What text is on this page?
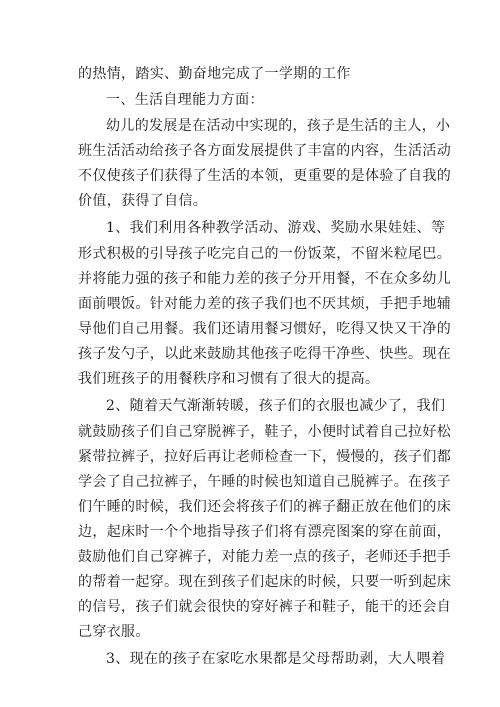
的热情，踏实、勤奋地完成了一学期的工作
一、生活自理能力方面：
幼儿的发展是在活动中实现的，孩子是生活的主人，小
班生活活动给孩子各方面发展提供了丰富的内容，生活活动
不仅使孩子们获得了生活的本领，更重要的是体验了自我的
价值，获得了自信。
1、我们利用各种教学活动、游戏、奖励水果娃娃、等
形式积极的引导孩子吃完自己的一份饭菜，不留米粒尾巴。
并将能力强的孩子和能力差的孩子分开用餐，不在众多幼儿
面前喂饭。针对能力差的孩子我们也不厌其烦，手把手地辅
导他们自己用餐。我们还请用餐习惯好，吃得又快又干净的
孩子发勺子，以此来鼓励其他孩子吃得干净些、快些。现在
我们班孩子的用餐秩序和习惯有了很大的提高。
2、随着天气渐渐转暖，孩子们的衣服也减少了，我们
就鼓励孩子们自己穿脱裤子，鞋子，小便时试着自己拉好松
紧带拉裤子，拉好后再让老师检查一下，慢慢的，孩子们都
学会了自己拉裤子，午睡的时候也知道自己脱裤子。在孩子
们午睡的时候，我们还会将孩子们的裤子翻正放在他们的床
边，起床时一个个地指导孩子们将有漂亮图案的穿在前面，
鼓励他们自己穿裤子，对能力差一点的孩子，老师还手把手
的帮着一起穿。现在到孩子们起床的时候，只要一听到起床
的信号，孩子们就会很快的穿好裤子和鞋子，能干的还会自
己穿衣服。
3、现在的孩子在家吃水果都是父母帮助剥，大人喂着
